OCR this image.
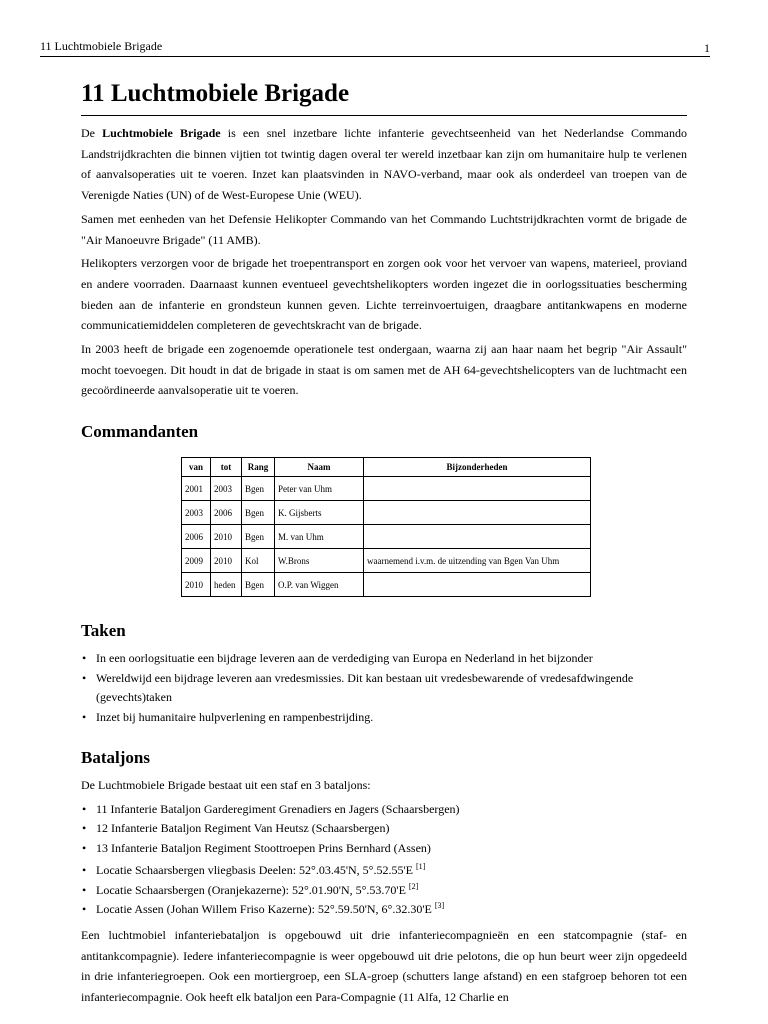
11 Luchtmobiele Brigade	1
11 Luchtmobiele Brigade

De Luchtmobiele Brigade is een snel inzetbare lichte infanterie gevechtseenheid van het Nederlandse Commando Landstrijdkrachten die binnen vijtien tot twintig dagen overal ter wereld inzetbaar kan zijn om humanitaire hulp te verlenen of aanvalsoperaties uit te voeren. Inzet kan plaatsvinden in NAVO-verband, maar ook als onderdeel van troepen van de Verenigde Naties (UN) of de West-Europese Unie (WEU).

Samen met eenheden van het Defensie Helikopter Commando van het Commando Luchtstrijdkrachten vormt de brigade de "Air Manoeuvre Brigade" (11 AMB).

Helikopters verzorgen voor de brigade het troepentransport en zorgen ook voor het vervoer van wapens, materieel, proviand en andere voorraden. Daarnaast kunnen eventueel gevechtshelikopters worden ingezet die in oorlogssituaties bescherming bieden aan de infanterie en grondsteun kunnen geven. Lichte terreinvoertuigen, draagbare antitankwapens en moderne communicatiemiddelen completeren de gevechtskracht van de brigade.

In 2003 heeft de brigade een zogenoemde operationele test ondergaan, waarna zij aan haar naam het begrip "Air Assault" mocht toevoegen. Dit houdt in dat de brigade in staat is om samen met de AH 64-gevechtshelicopters van de luchtmacht een gecoördineerde aanvalsoperatie uit te voeren.

Commandanten
van	tot	Rang	Naam	Bijzonderheden
2001	2003	Bgen	Peter van Uhm	
2003	2006	Bgen	K. Gijsberts	
2006	2010	Bgen	M. van Uhm	
2009	2010	Kol	W.Brons	waarnemend i.v.m. de uitzending van Bgen Van Uhm
2010	heden	Bgen	O.P. van Wiggen	
Taken
• In een oorlogsituatie een bijdrage leveren aan de verdediging van Europa en Nederland in het bijzonder
• Wereldwijd een bijdrage leveren aan vredesmissies. Dit kan bestaan uit vredesbewarende of vredesafdwingende (gevechts)taken
• Inzet bij humanitaire hulpverlening en rampenbestrijding.
Bataljons

De Luchtmobiele Brigade bestaat uit een staf en 3 bataljons:

• 11 Infanterie Bataljon Garderegiment Grenadiers en Jagers (Schaarsbergen)
• 12 Infanterie Bataljon Regiment Van Heutsz (Schaarsbergen)
• 13 Infanterie Bataljon Regiment Stoottroepen Prins Bernhard (Assen)
• Locatie Schaarsbergen vliegbasis Deelen: 52°.03.45'N, 5°.52.55'E [1]
• Locatie Schaarsbergen (Oranjekazerne): 52°.01.90'N, 5°.53.70'E [2]
• Locatie Assen (Johan Willem Friso Kazerne): 52°.59.50'N, 6°.32.30'E [3]

Een luchtmobiel infanteriebataljon is opgebouwd uit drie infanteriecompagnieën en een statcompagnie (staf- en antitankcompagnie). Iedere infanteriecompagnie is weer opgebouwd uit drie pelotons, die op hun beurt weer zijn opgedeeld in drie infanteriegroepen. Ook een mortiergroep, een SLA-groep (schutters lange afstand) en een stafgroep behoren tot een infanteriecompagnie. Ook heeft elk bataljon een Para-Compagnie (11 Alfa, 12 Charlie en
